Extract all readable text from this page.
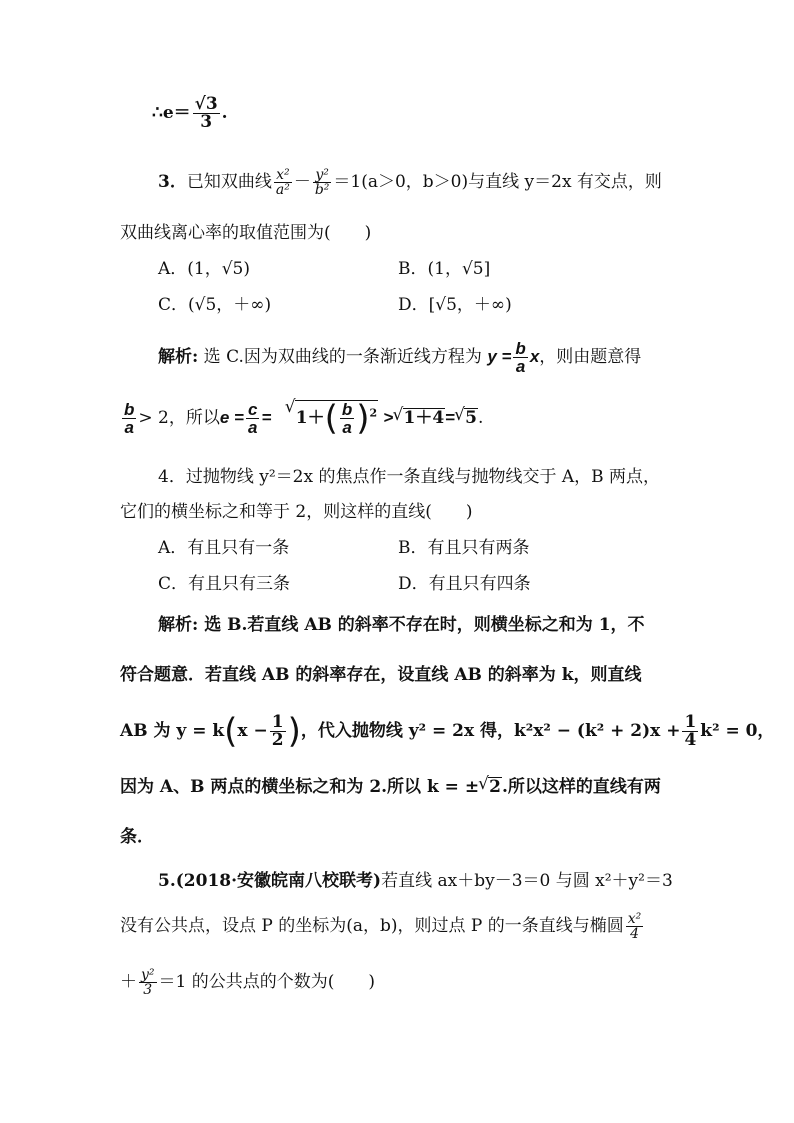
∴e＝ $\frac{√3}{3}$ .
3．已知双曲线 $\frac{\text{x²}}{\text{a²}} - \frac{\text{y²}}{\text{b²}} =1(a>0$，b＞0)与直线 y＝2x 有交点，则
双曲线离心率的取值范围为(　　)
A．(1，√5)	B．(1，√5]
C．(√5，＋∞)	D．[√5，＋∞)
解析: 选 C.因为双曲线的一条渐近线方程为 $y = \frac{b}{a}$ x，则由题意得
$\frac{b}{a} > 2$，所以$e = \frac{c}{a}$ = √ $1+( \frac{b}{a} )^2$ > √ 1＋4= √ 5.
4．过抛物线 y²＝2x 的焦点作一条直线与抛物线交于 A，B 两点，
它们的横坐标之和等于 2，则这样的直线(　　)
A．有且只有一条	B．有且只有两条
C．有且只有三条	D．有且只有四条
解析: 选 B.若直线 AB 的斜率不存在时，则横坐标之和为 1，不
符合题意．若直线 AB 的斜率存在，设直线 AB 的斜率为 k，则直线
AB 为 $y = k(x - \frac{1}{2}$ )，代入抛物线 y² = 2x 得，$k^2x^2 - (k^2 + 2)x + \frac{1}{4} k^2 = 0$，
因为 A、B 两点的横坐标之和为 2.所以 k = ± √ 2.所以这样的直线有两
条．
5.(2018·安徽皖南八校联考)若直线 ax＋by－3＝0 与圆 x²＋y²＝3
没有公共点，设点 P 的坐标为(a，b)，则过点 P 的一条直线与椭圆 $\frac{\text{x²}}{4}$
＋ $\frac{\text{y²}}{3} =1$ 的公共点的个数为(　　)
